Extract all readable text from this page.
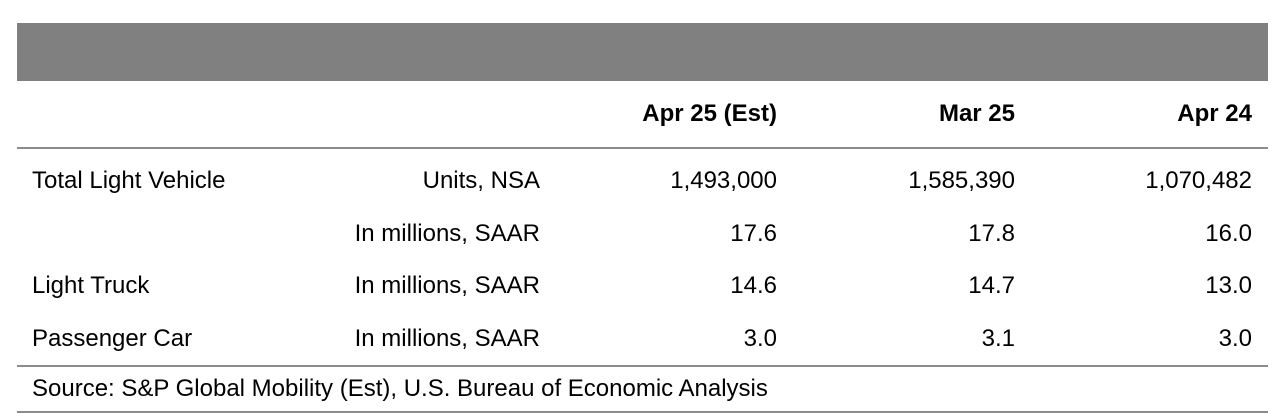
		Apr 25 (Est)	Mar 25	Apr 24
Total Light Vehicle	Units, NSA	1,493,000	1,585,390	1,070,482
	In millions, SAAR	17.6	17.8	16.0
Light Truck	In millions, SAAR	14.6	14.7	13.0
Passenger Car	In millions, SAAR	3.0	3.1	3.0
Source: S&P Global Mobility (Est), U.S. Bureau of Economic Analysis
